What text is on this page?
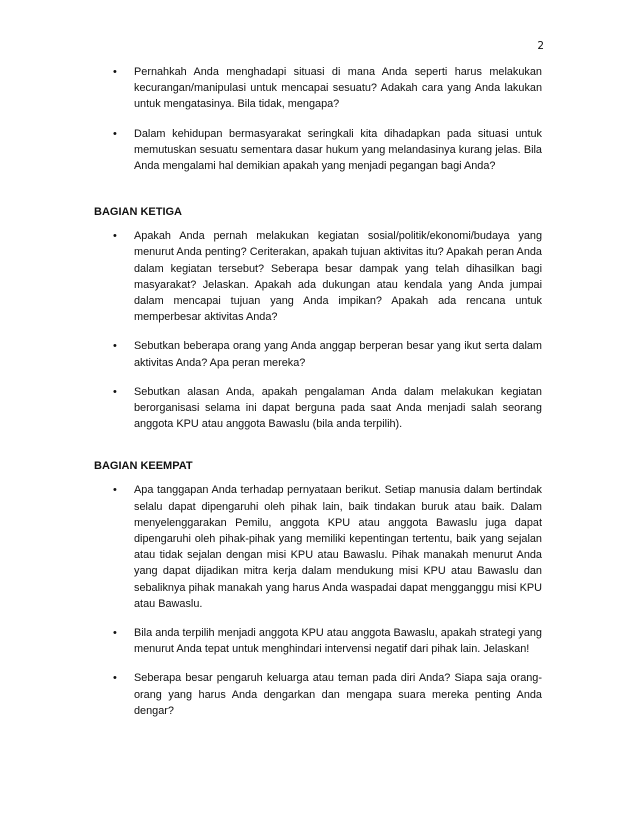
2
• Pernahkah Anda menghadapi situasi di mana Anda seperti harus melakukan kecurangan/manipulasi untuk mencapai sesuatu? Adakah cara yang Anda lakukan untuk mengatasinya. Bila tidak, mengapa?
• Dalam kehidupan bermasyarakat seringkali kita dihadapkan pada situasi untuk memutuskan sesuatu sementara dasar hukum yang melandasinya kurang jelas. Bila Anda mengalami hal demikian apakah yang menjadi pegangan bagi Anda?
BAGIAN KETIGA
• Apakah Anda pernah melakukan kegiatan sosial/politik/ekonomi/budaya yang menurut Anda penting? Ceriterakan, apakah tujuan aktivitas itu? Apakah peran Anda dalam kegiatan tersebut? Seberapa besar dampak yang telah dihasilkan bagi masyarakat? Jelaskan. Apakah ada dukungan atau kendala yang Anda jumpai dalam mencapai tujuan yang Anda impikan? Apakah ada rencana untuk memperbesar aktivitas Anda?
• Sebutkan beberapa orang yang Anda anggap berperan besar yang ikut serta dalam aktivitas Anda? Apa peran mereka?
• Sebutkan alasan Anda, apakah pengalaman Anda dalam melakukan kegiatan berorganisasi selama ini dapat berguna pada saat Anda menjadi salah seorang anggota KPU atau anggota Bawaslu (bila anda terpilih).
BAGIAN KEEMPAT
• Apa tanggapan Anda terhadap pernyataan berikut. Setiap manusia dalam bertindak selalu dapat dipengaruhi oleh pihak lain, baik tindakan buruk atau baik. Dalam menyelenggarakan Pemilu, anggota KPU atau anggota Bawaslu juga dapat dipengaruhi oleh pihak-pihak yang memiliki kepentingan tertentu, baik yang sejalan atau tidak sejalan dengan misi KPU atau Bawaslu. Pihak manakah menurut Anda yang dapat dijadikan mitra kerja dalam mendukung misi KPU atau Bawaslu dan sebaliknya pihak manakah yang harus Anda waspadai dapat mengganggu misi KPU atau Bawaslu.
• Bila anda terpilih menjadi anggota KPU atau anggota Bawaslu, apakah strategi yang menurut Anda tepat untuk menghindari intervensi negatif dari pihak lain. Jelaskan!
• Seberapa besar pengaruh keluarga atau teman pada diri Anda? Siapa saja orang-orang yang harus Anda dengarkan dan mengapa suara mereka penting Anda dengar?
